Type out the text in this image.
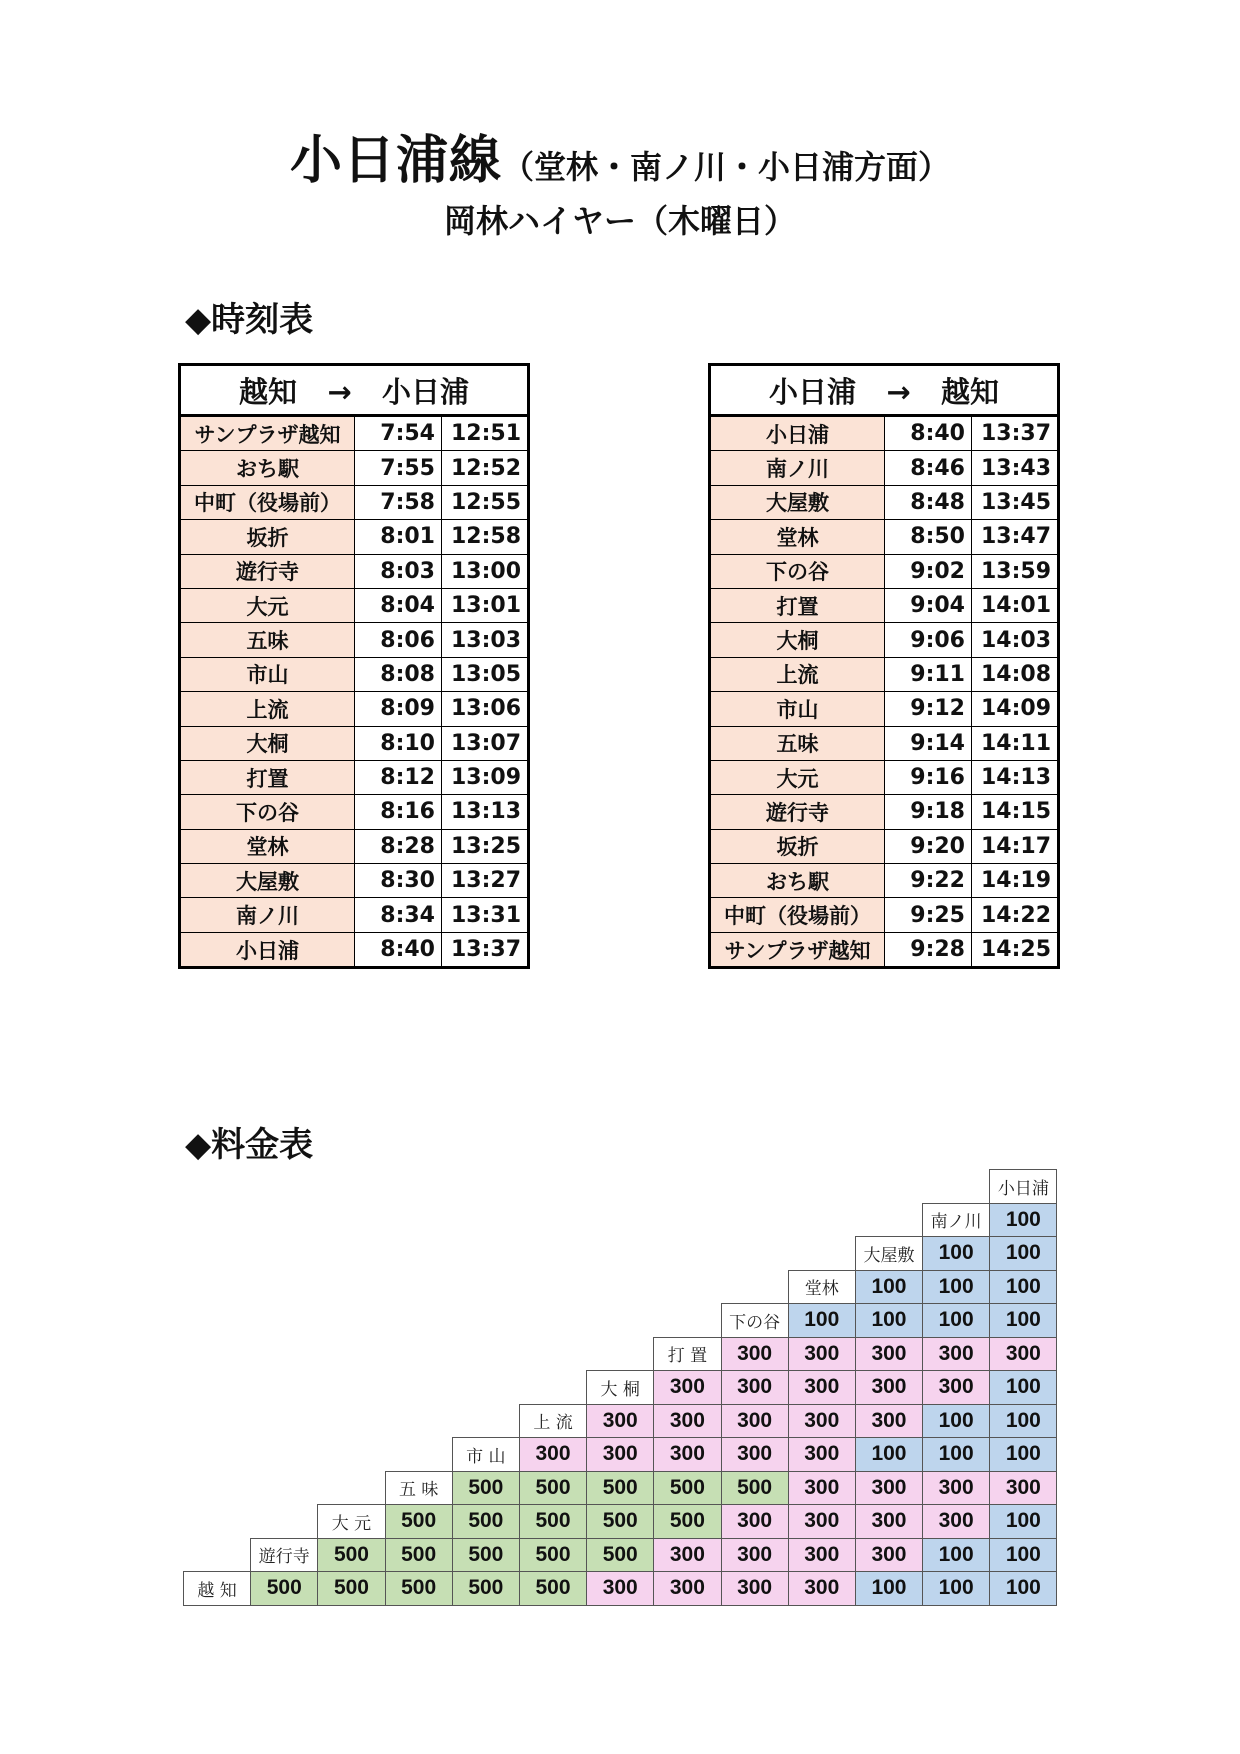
小日浦線（堂林・南ノ川・小日浦方面）
岡林ハイヤー（木曜日）
◆時刻表
越知 → 小日浦		
サンプラザ越知	7:54	12:51
おち駅	7:55	12:52
中町（役場前）	7:58	12:55
坂折	8:01	12:58
遊行寺	8:03	13:00
大元	8:04	13:01
五味	8:06	13:03
市山	8:08	13:05
上流	8:09	13:06
大桐	8:10	13:07
打置	8:12	13:09
下の谷	8:16	13:13
堂林	8:28	13:25
大屋敷	8:30	13:27
南ノ川	8:34	13:31
小日浦	8:40	13:37
小日浦 → 越知		
小日浦	8:40	13:37
南ノ川	8:46	13:43
大屋敷	8:48	13:45
堂林	8:50	13:47
下の谷	9:02	13:59
打置	9:04	14:01
大桐	9:06	14:03
上流	9:11	14:08
市山	9:12	14:09
五味	9:14	14:11
大元	9:16	14:13
遊行寺	9:18	14:15
坂折	9:20	14:17
おち駅	9:22	14:19
中町（役場前）	9:25	14:22
サンプラザ越知	9:28	14:25
◆料金表
												小日浦
											南ノ川	100
										大屋敷	100	100
									堂林	100	100	100
								下の谷	100	100	100	100
							打 置	300	300	300	300	300
						大 桐	300	300	300	300	300	100
					上 流	300	300	300	300	300	100	100
				市 山	300	300	300	300	300	100	100	100
			五 味	500	500	500	500	500	300	300	300	300
		大 元	500	500	500	500	500	300	300	300	300	100
	遊行寺	500	500	500	500	500	300	300	300	300	100	100
越 知	500	500	500	500	500	300	300	300	300	100	100	100
